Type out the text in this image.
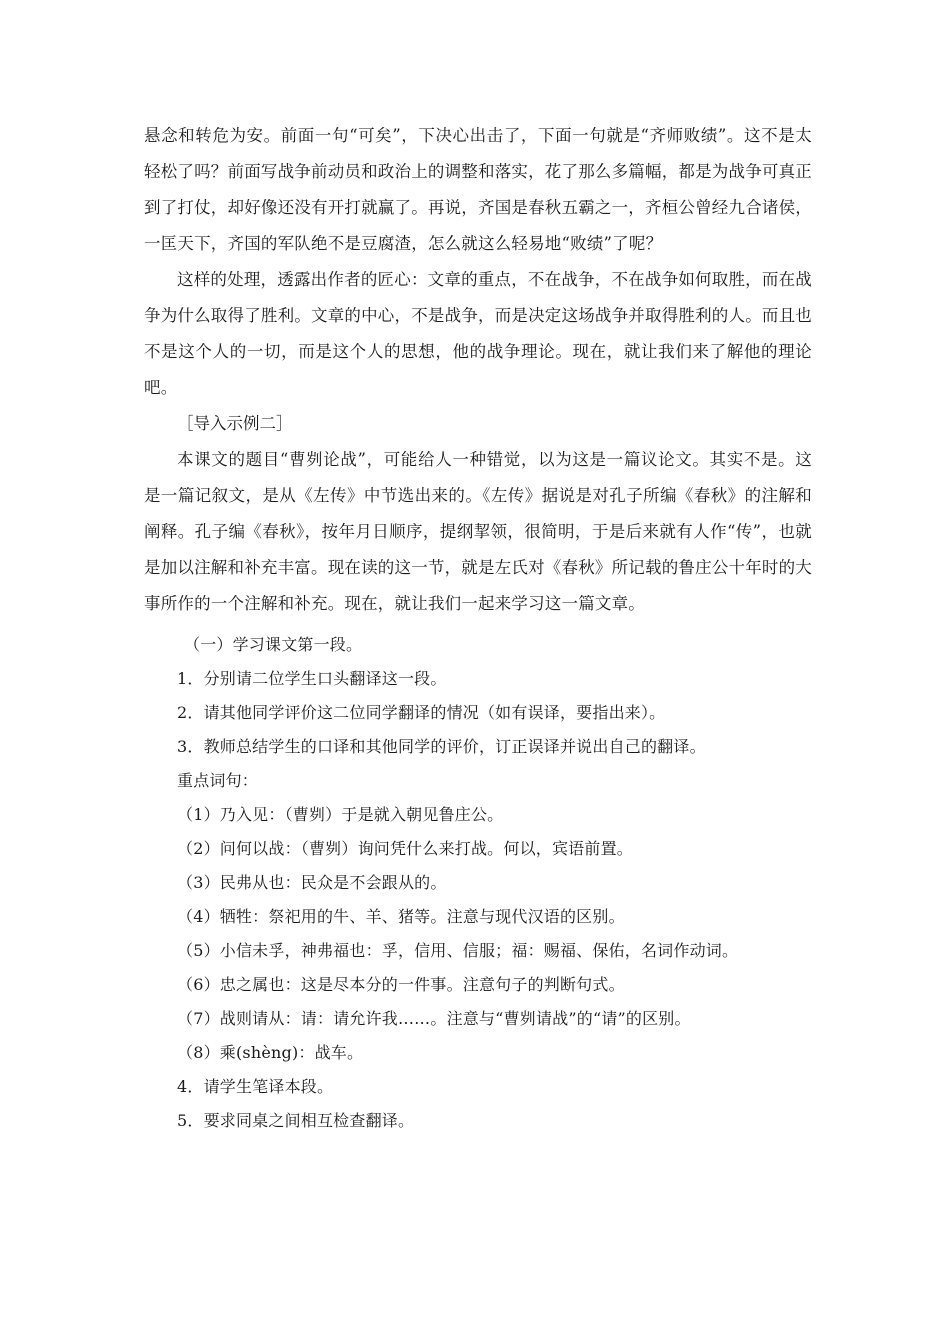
悬念和转危为安。前面一句“可矣”，下决心出击了，下面一句就是“齐师败绩”。这不是太轻松了吗？前面写战争前动员和政治上的调整和落实，花了那么多篇幅，都是为战争可真正到了打仗，却好像还没有开打就赢了。再说，齐国是春秋五霸之一，齐桓公曾经九合诸侯，一匡天下，齐国的军队绝不是豆腐渣，怎么就这么轻易地“败绩”了呢？

这样的处理，透露出作者的匠心：文章的重点，不在战争，不在战争如何取胜，而在战争为什么取得了胜利。文章的中心，不是战争，而是决定这场战争并取得胜利的人。而且也不是这个人的一切，而是这个人的思想，他的战争理论。现在，就让我们来了解他的理论吧。

［导入示例二］

本课文的题目“曹刿论战”，可能给人一种错觉，以为这是一篇议论文。其实不是。这是一篇记叙文，是从《左传》中节选出来的。《左传》据说是对孔子所编《春秋》的注解和阐释。孔子编《春秋》，按年月日顺序，提纲挈领，很简明，于是后来就有人作“传”，也就是加以注解和补充丰富。现在读的这一节，就是左氏对《春秋》所记载的鲁庄公十年时的大事所作的一个注解和补充。现在，就让我们一起来学习这一篇文章。

（一）学习课文第一段。

1．分别请二位学生口头翻译这一段。

2．请其他同学评价这二位同学翻译的情况（如有误译，要指出来）。

3．教师总结学生的口译和其他同学的评价，订正误译并说出自己的翻译。

重点词句：

（1）乃入见：（曹刿）于是就入朝见鲁庄公。

（2）问何以战：（曹刿）询问凭什么来打战。何以，宾语前置。

（3）民弗从也：民众是不会跟从的。

（4）牺牲：祭祀用的牛、羊、猪等。注意与现代汉语的区别。

（5）小信未孚，神弗福也：孚，信用、信服；福：赐福、保佑，名词作动词。

（6）忠之属也：这是尽本分的一件事。注意句子的判断句式。

（7）战则请从：请：请允许我……。注意与“曹刿请战”的“请”的区别。

（8）乘(shèng)：战车。

4．请学生笔译本段。

5．要求同桌之间相互检查翻译。
